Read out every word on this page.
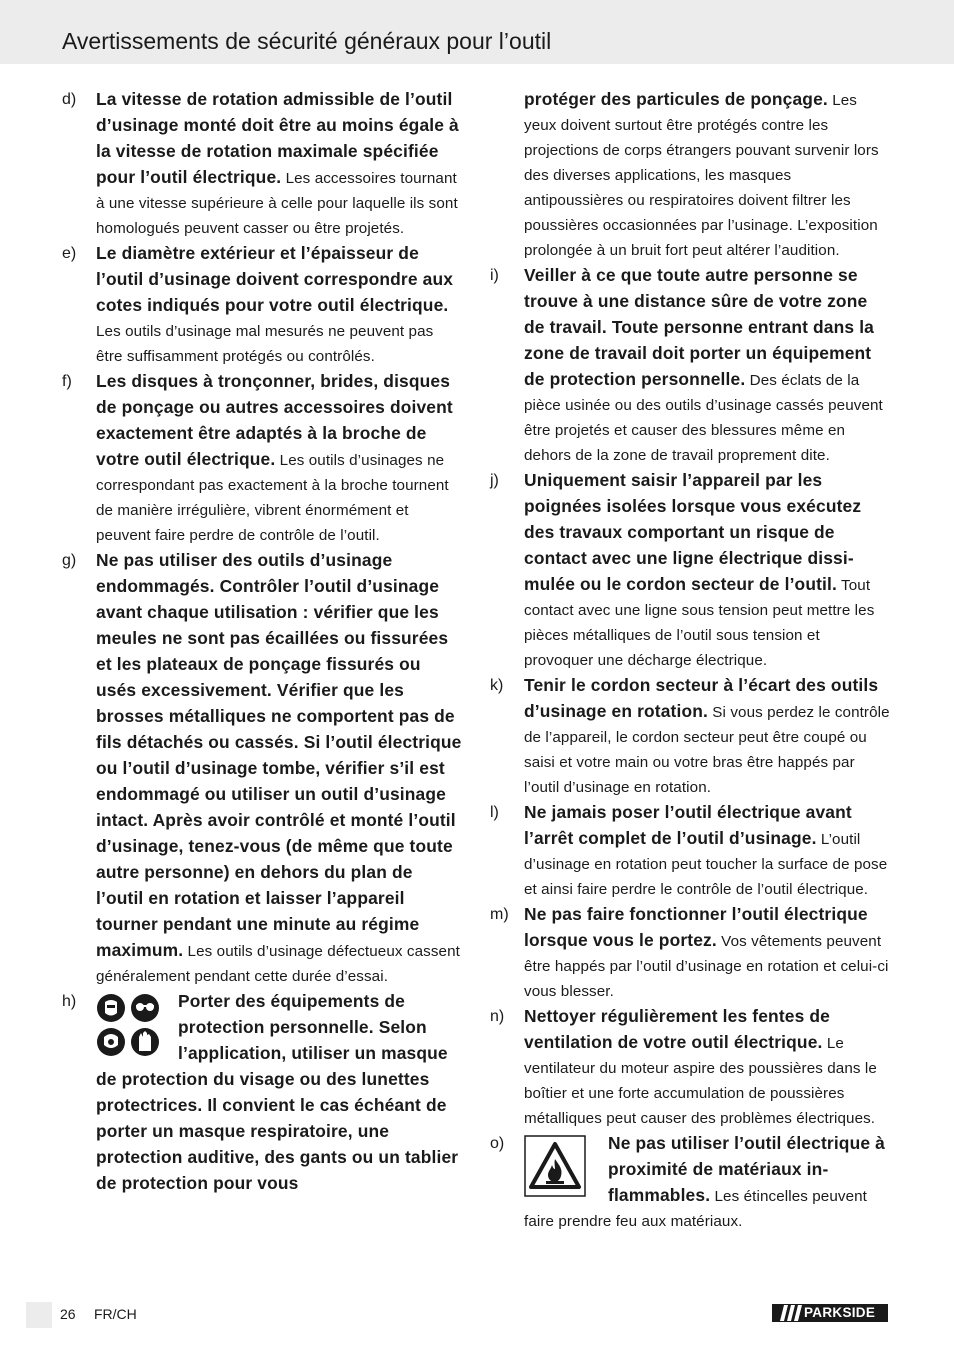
Avertissements de sécurité généraux pour l’outil
d) La vitesse de rotation admissible de l’outil d’usinage monté doit être au moins égale à la vitesse de rotation maximale spécifiée pour l’outil électrique. Les accessoires tournant à une vitesse supérieure à celle pour laquelle ils sont homologués peuvent casser ou être projetés.

e) Le diamètre extérieur et l’épaisseur de l’outil d’usinage doivent correspondre aux cotes indiqués pour votre outil électrique. Les outils d’usinage mal mesurés ne peuvent pas être suffisamment protégés ou contrôlés.

f) Les disques à tronçonner, brides, disques de ponçage ou autres accessoires doivent exactement être adaptés à la broche de votre outil électrique. Les outils d’usinages ne correspondant pas exactement à la broche tournent de manière irrégulière, vibrent énormément et peuvent faire perdre de contrôle de l’outil.

g) Ne pas utiliser des outils d’usinage endommagés. Contrôler l’outil d’usinage avant chaque utilisation : vérifier que les meules ne sont pas écaillées ou fissurées et les plateaux de ponçage fissurés ou usés excessivement. Vérifier que les brosses métalliques ne comportent pas de fils détachés ou cassés. Si l’outil électrique ou l’outil d’usinage tombe, vérifier s’il est endommagé ou utiliser un outil d’usinage intact. Après avoir contrôlé et monté l’outil d’usinage, tenez-vous (de même que toute autre personne) en dehors du plan de l’outil en rotation et laisser l’appareil tourner pendant une minute au régime maximum. Les outils d’usinage défectueux cassent généralement pendant cette durée d’essai.

h)	Porter des équipements de protection personnelle. Selon l’application, utiliser un masque de protection du visage ou des lunettes protectrices. Il convient le cas échéant de porter un masque respiratoire, une protection auditive, des gants ou un tablier de protection pour vous

protéger des particules de ponçage. Les yeux doivent surtout être protégés contre les projections de corps étrangers pouvant survenir lors des diverses applications, les masques antipoussières ou respiratoires doivent filtrer les poussières occasionnées par l’usinage. L’exposition prolongée à un bruit fort peut altérer l’audition.

i) Veiller à ce que toute autre personne se trouve à une distance sûre de votre zone de travail. Toute personne entrant dans la zone de travail doit porter un équipement de protection personnelle. Des éclats de la pièce usinée ou des outils d’usinage cassés peuvent être projetés et causer des blessures même en dehors de la zone de travail proprement dite.

j) Uniquement saisir l’appareil par les poignées isolées lorsque vous exécutez des travaux comportant un risque de contact avec une ligne électrique dissimulée ou le cordon secteur de l’outil. Tout contact avec une ligne sous tension peut mettre les pièces métalliques de l’outil sous tension et provoquer une décharge électrique.

k) Tenir le cordon secteur à l’écart des outils d’usinage en rotation. Si vous perdez le contrôle de l’appareil, le cordon secteur peut être coupé ou saisi et votre main ou votre bras être happés par l’outil d’usinage en rotation.

l) Ne jamais poser l’outil électrique avant l’arrêt complet de l’outil d’usinage. L’outil d’usinage en rotation peut toucher la surface de pose et ainsi faire perdre le contrôle de l’outil électrique.

m) Ne pas faire fonctionner l’outil électrique lorsque vous le portez. Vos vêtements peuvent être happés par l’outil d’usinage en rotation et celui-ci vous blesser.

n) Nettoyer régulièrement les fentes de ventilation de votre outil électrique. Le ventilateur du moteur aspire des poussières dans le boîtier et une forte accumulation de poussières métalliques peut causer des problèmes électriques.

o)	Ne pas utiliser l’outil électrique à proximité de matériaux inflammables. Les étincelles peuvent faire prendre feu aux matériaux.

26 FR/CH	PARKSIDE
